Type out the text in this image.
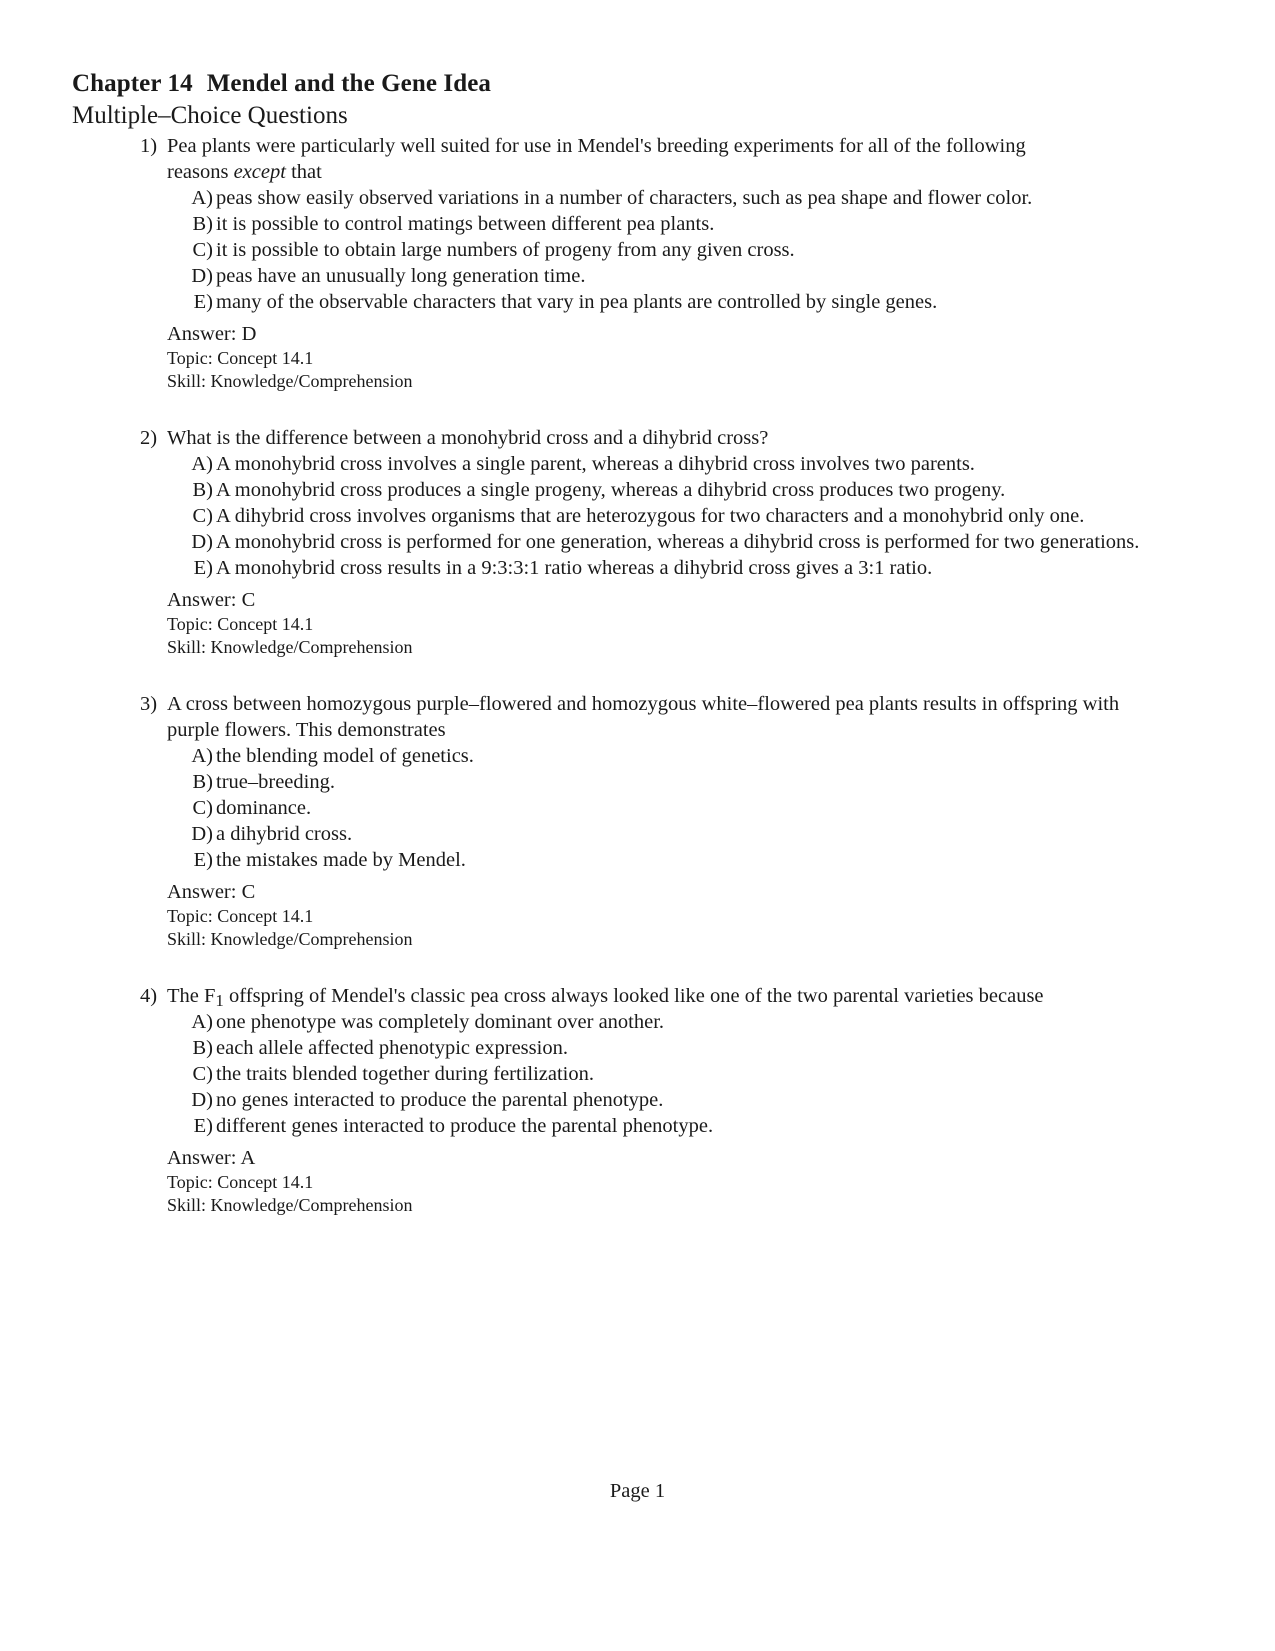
Chapter 14 Mendel and the Gene Idea
Multiple–Choice Questions
1) Pea plants were particularly well suited for use in Mendel's breeding experiments for all of the following
reasons except that
A) peas show easily observed variations in a number of characters, such as pea shape and flower color.
B) it is possible to control matings between different pea plants.
C) it is possible to obtain large numbers of progeny from any given cross.
D) peas have an unusually long generation time.
E) many of the observable characters that vary in pea plants are controlled by single genes.
Answer: D
Topic: Concept 14.1
Skill: Knowledge/Comprehension
2) What is the difference between a monohybrid cross and a dihybrid cross?
A) A monohybrid cross involves a single parent, whereas a dihybrid cross involves two parents.
B) A monohybrid cross produces a single progeny, whereas a dihybrid cross produces two progeny.
C) A dihybrid cross involves organisms that are heterozygous for two characters and a monohybrid only one.
D) A monohybrid cross is performed for one generation, whereas a dihybrid cross is performed for two generations.
E) A monohybrid cross results in a 9:3:3:1 ratio whereas a dihybrid cross gives a 3:1 ratio.
Answer: C
Topic: Concept 14.1
Skill: Knowledge/Comprehension
3) A cross between homozygous purple–flowered and homozygous white–flowered pea plants results in offspring with purple flowers. This demonstrates
A) the blending model of genetics.
B) true–breeding.
C) dominance.
D) a dihybrid cross.
E) the mistakes made by Mendel.
Answer: C
Topic: Concept 14.1
Skill: Knowledge/Comprehension
4) The $F_1$ offspring of Mendel's classic pea cross always looked like one of the two parental varieties because
A) one phenotype was completely dominant over another.
B) each allele affected phenotypic expression.
C) the traits blended together during fertilization.
D) no genes interacted to produce the parental phenotype.
E) different genes interacted to produce the parental phenotype.
Answer: A
Topic: Concept 14.1
Skill: Knowledge/Comprehension
Page 1
